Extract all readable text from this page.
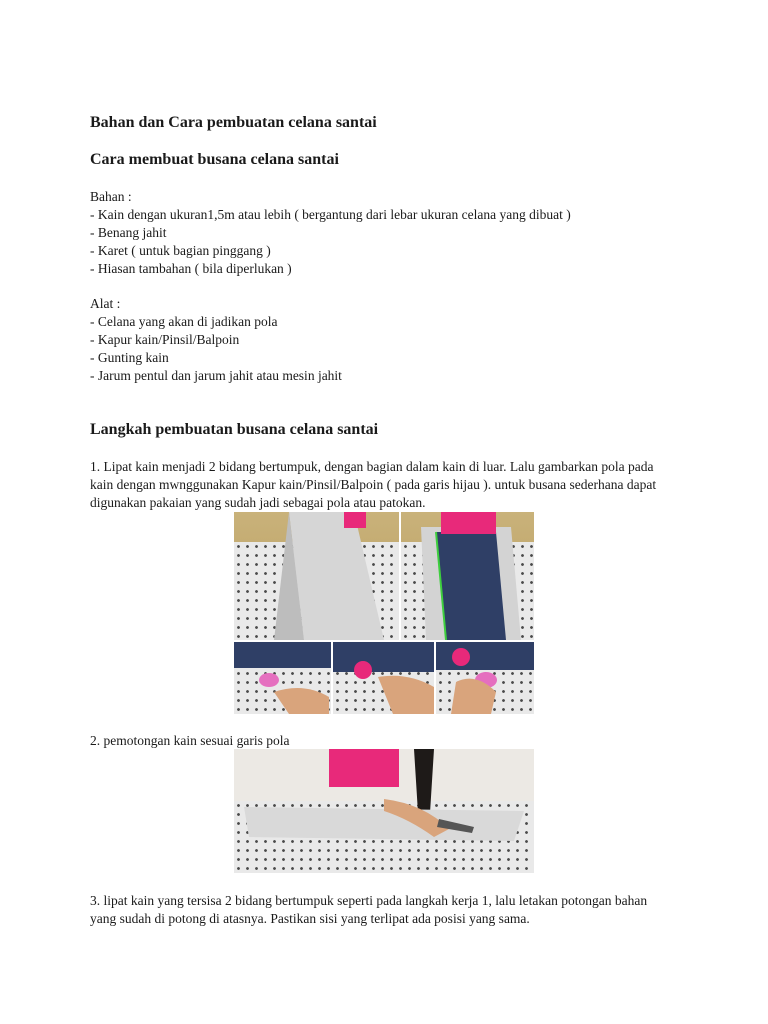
Bahan dan Cara pembuatan celana santai
Cara membuat busana celana santai
Bahan :
- Kain dengan ukuran1,5m atau lebih ( bergantung dari lebar ukuran celana yang dibuat )
- Benang jahit
- Karet ( untuk bagian pinggang )
- Hiasan tambahan ( bila diperlukan )
Alat :
- Celana yang akan di jadikan pola
- Kapur kain/Pinsil/Balpoin
- Gunting kain
- Jarum pentul dan jarum jahit atau mesin jahit
Langkah pembuatan busana celana santai
1. Lipat kain menjadi 2 bidang bertumpuk, dengan bagian dalam kain di luar. Lalu gambarkan pola pada kain dengan mwnggunakan Kapur kain/Pinsil/Balpoin ( pada garis hijau ). untuk busana sederhana dapat digunakan pakaian yang sudah jadi sebagai pola atau patokan.
2. pemotongan kain sesuai garis pola
3. lipat kain yang tersisa 2 bidang bertumpuk seperti pada langkah kerja 1, lalu letakan potongan bahan yang sudah di potong di atasnya. Pastikan sisi yang terlipat ada posisi yang sama.
